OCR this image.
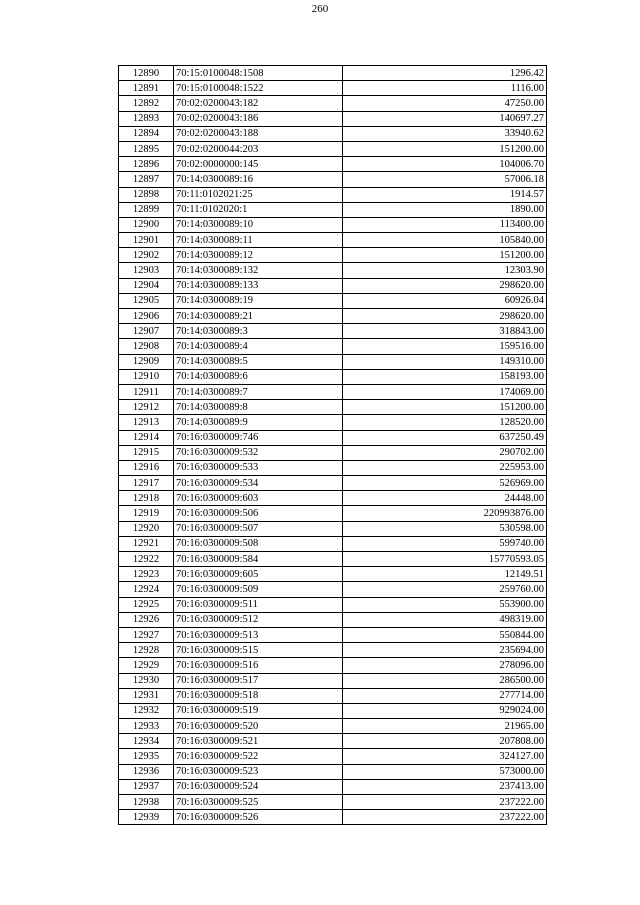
260
12890	70:15:0100048:1508	1296.42
12891	70:15:0100048:1522	1116.00
12892	70:02:0200043:182	47250.00
12893	70:02:0200043:186	140697.27
12894	70:02:0200043:188	33940.62
12895	70:02:0200044:203	151200.00
12896	70:02:0000000:145	104006.70
12897	70:14:0300089:16	57006.18
12898	70:11:0102021:25	1914.57
12899	70:11:0102020:1	1890.00
12900	70:14:0300089:10	113400.00
12901	70:14:0300089:11	105840.00
12902	70:14:0300089:12	151200.00
12903	70:14:0300089:132	12303.90
12904	70:14:0300089:133	298620.00
12905	70:14:0300089:19	60926.04
12906	70:14:0300089:21	298620.00
12907	70:14:0300089:3	318843.00
12908	70:14:0300089:4	159516.00
12909	70:14:0300089:5	149310.00
12910	70:14:0300089:6	158193.00
12911	70:14:0300089:7	174069.00
12912	70:14:0300089:8	151200.00
12913	70:14:0300089:9	128520.00
12914	70:16:0300009:746	637250.49
12915	70:16:0300009:532	290702.00
12916	70:16:0300009:533	225953.00
12917	70:16:0300009:534	526969.00
12918	70:16:0300009:603	24448.00
12919	70:16:0300009:506	220993876.00
12920	70:16:0300009:507	530598.00
12921	70:16:0300009:508	599740.00
12922	70:16:0300009:584	15770593.05
12923	70:16:0300009:605	12149.51
12924	70:16:0300009:509	259760.00
12925	70:16:0300009:511	553900.00
12926	70:16:0300009:512	498319.00
12927	70:16:0300009:513	550844.00
12928	70:16:0300009:515	235694.00
12929	70:16:0300009:516	278096.00
12930	70:16:0300009:517	286500.00
12931	70:16:0300009:518	277714.00
12932	70:16:0300009:519	929024.00
12933	70:16:0300009:520	21965.00
12934	70:16:0300009:521	207808.00
12935	70:16:0300009:522	324127.00
12936	70:16:0300009:523	573000.00
12937	70:16:0300009:524	237413.00
12938	70:16:0300009:525	237222.00
12939	70:16:0300009:526	237222.00
